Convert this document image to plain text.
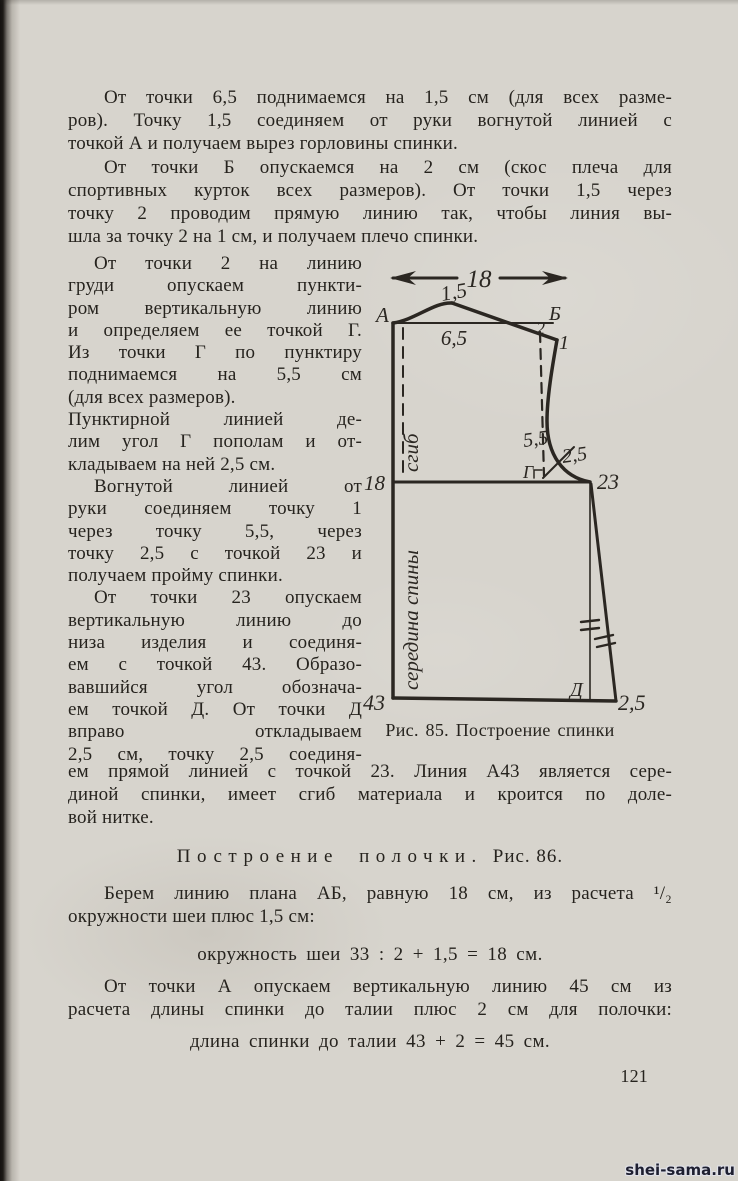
От точки 6,5 поднимаемся на 1,5 см (для всех разме-
ров). Точку 1,5 соединяем от руки вогнутой линией с
точкой А и получаем вырез горловины спинки.
От точки Б опускаемся на 2 см (скос плеча для
спортивных курток всех размеров). От точки 1,5 через
точку 2 проводим прямую линию так, чтобы линия вы-
шла за точку 2 на 1 см, и получаем плечо спинки.
От точки 2 на линию
груди опускаем пункти-
ром вертикальную линию
и определяем ее точкой Г.
Из точки Г по пунктиру
поднимаемся на 5,5 см
(для всех размеров).
Пунктирной линией де-
лим угол Г пополам и от-
кладываем на ней 2,5 см.
Вогнутой линией от
руки соединяем точку 1
через точку 5,5, через
точку 2,5 с точкой 23 и
получаем пройму спинки.
От точки 23 опускаем
вертикальную линию до
низа изделия и соединя-
ем с точкой 43. Образо-
вавшийся угол обознача-
ем точкой Д. От точки Д
вправо откладываем
2,5 см, точку 2,5 соединя-
18
1,5
А	Б
6,5	2
1
5,5
2,5
Г
18	23
сгиб
середина спины
43	Д 2,5
Рис. 85. Построение спинки
ем прямой линией с точкой 23. Линия А43 является сере-
диной спинки, имеет сгиб материала и кроится по доле-
вой нитке.
Построение полочки. Рис. 86.
Берем линию плана АБ, равную 18 см, из расчета ¹/₂
окружности шеи плюс 1,5 см:
окружность шеи 33 : 2 + 1,5 = 18 см.
От точки А опускаем вертикальную линию 45 см из
расчета длины спинки до талии плюс 2 см для полочки:
длина спинки до талии 43 + 2 = 45 см.
121
shei-sama.ru
